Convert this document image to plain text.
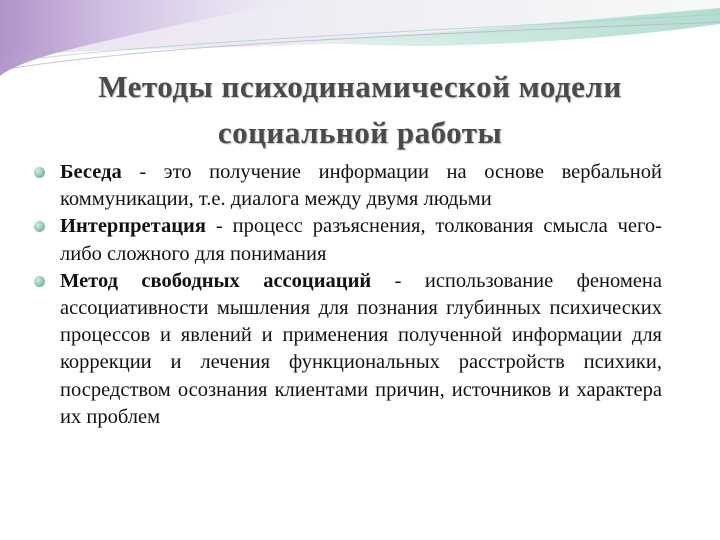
Методы психодинамической модели
социальной работы
Беседа - это получение информации на основе вербальной коммуникации, т.е. диалога между двумя людьми
Интерпретация - процесс разъяснения, толкования смысла чего-либо сложного для понимания
Метод свободных ассоциаций - использование феномена ассоциативности мышления для познания глубинных психических процессов и явлений и применения полученной информации для коррекции и лечения функциональных расстройств психики, посредством осознания клиентами причин, источников и характера их проблем
